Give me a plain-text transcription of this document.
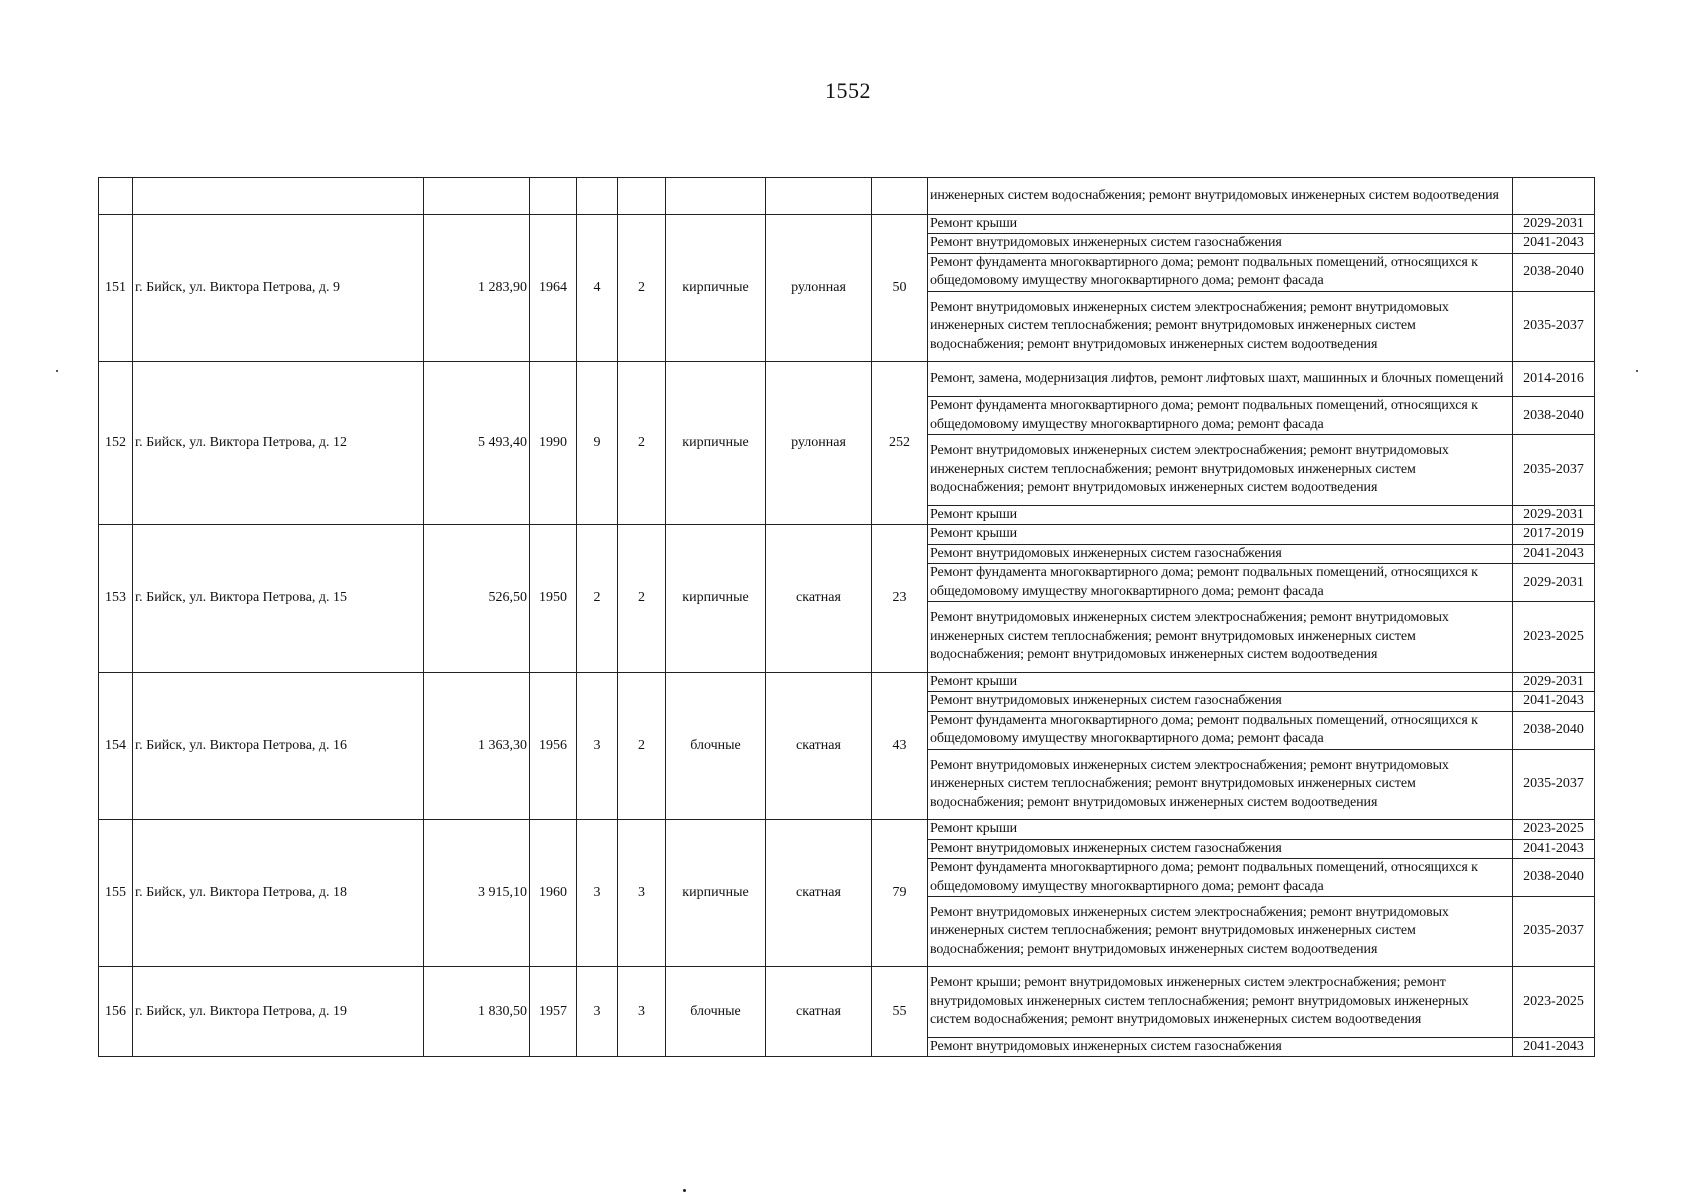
1552
									инженерных систем водоснабжения; ремонт внутридомовых инженерных систем водоотведения	
151	г. Бийск, ул. Виктора Петрова, д. 9	1 283,90	1964	4	2	кирпичные	рулонная	50	Ремонт крыши	2029-2031
									Ремонт внутридомовых инженерных систем газоснабжения	2041-2043
									Ремонт фундамента многоквартирного дома; ремонт подвальных помещений, относящихся к общедомовому имуществу многоквартирного дома; ремонт фасада	2038-2040
									Ремонт внутридомовых инженерных систем электроснабжения; ремонт внутридомовых инженерных систем теплоснабжения; ремонт внутридомовых инженерных систем водоснабжения; ремонт внутридомовых инженерных систем водоотведения	2035-2037
152	г. Бийск, ул. Виктора Петрова, д. 12	5 493,40	1990	9	2	кирпичные	рулонная	252	Ремонт, замена, модернизация лифтов, ремонт лифтовых шахт, машинных и блочных помещений	2014-2016
									Ремонт фундамента многоквартирного дома; ремонт подвальных помещений, относящихся к общедомовому имуществу многоквартирного дома; ремонт фасада	2038-2040
									Ремонт внутридомовых инженерных систем электроснабжения; ремонт внутридомовых инженерных систем теплоснабжения; ремонт внутридомовых инженерных систем водоснабжения; ремонт внутридомовых инженерных систем водоотведения	2035-2037
									Ремонт крыши	2029-2031
153	г. Бийск, ул. Виктора Петрова, д. 15	526,50	1950	2	2	кирпичные	скатная	23	Ремонт крыши	2017-2019
									Ремонт внутридомовых инженерных систем газоснабжения	2041-2043
									Ремонт фундамента многоквартирного дома; ремонт подвальных помещений, относящихся к общедомовому имуществу многоквартирного дома; ремонт фасада	2029-2031
									Ремонт внутридомовых инженерных систем электроснабжения; ремонт внутридомовых инженерных систем теплоснабжения; ремонт внутридомовых инженерных систем водоснабжения; ремонт внутридомовых инженерных систем водоотведения	2023-2025
154	г. Бийск, ул. Виктора Петрова, д. 16	1 363,30	1956	3	2	блочные	скатная	43	Ремонт крыши	2029-2031
									Ремонт внутридомовых инженерных систем газоснабжения	2041-2043
									Ремонт фундамента многоквартирного дома; ремонт подвальных помещений, относящихся к общедомовому имуществу многоквартирного дома; ремонт фасада	2038-2040
									Ремонт внутридомовых инженерных систем электроснабжения; ремонт внутридомовых инженерных систем теплоснабжения; ремонт внутридомовых инженерных систем водоснабжения; ремонт внутридомовых инженерных систем водоотведения	2035-2037
155	г. Бийск, ул. Виктора Петрова, д. 18	3 915,10	1960	3	3	кирпичные	скатная	79	Ремонт крыши	2023-2025
									Ремонт внутридомовых инженерных систем газоснабжения	2041-2043
									Ремонт фундамента многоквартирного дома; ремонт подвальных помещений, относящихся к общедомовому имуществу многоквартирного дома; ремонт фасада	2038-2040
									Ремонт внутридомовых инженерных систем электроснабжения; ремонт внутридомовых инженерных систем теплоснабжения; ремонт внутридомовых инженерных систем водоснабжения; ремонт внутридомовых инженерных систем водоотведения	2035-2037
156	г. Бийск, ул. Виктора Петрова, д. 19	1 830,50	1957	3	3	блочные	скатная	55	Ремонт крыши; ремонт внутридомовых инженерных систем электроснабжения; ремонт внутридомовых инженерных систем теплоснабжения; ремонт внутридомовых инженерных систем водоснабжения; ремонт внутридомовых инженерных систем водоотведения	2023-2025
									Ремонт внутридомовых инженерных систем газоснабжения	2041-2043
